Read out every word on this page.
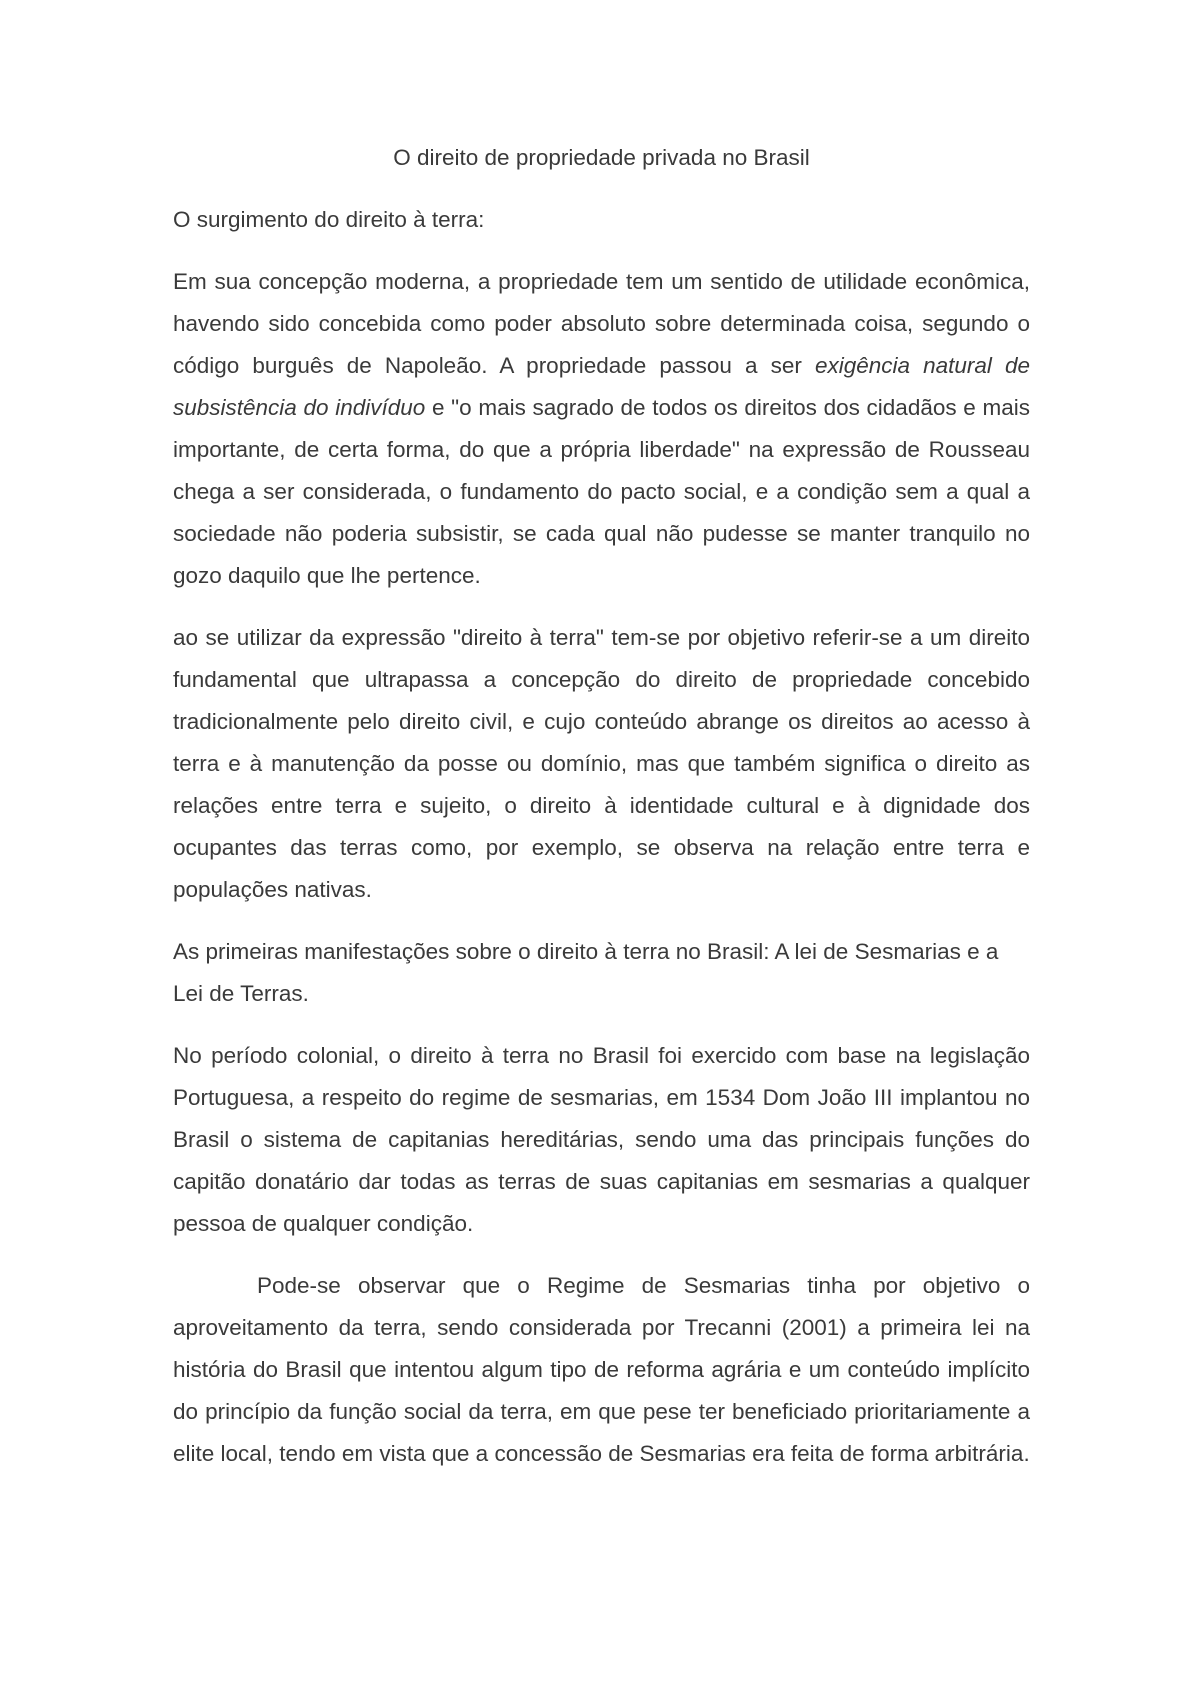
O direito de propriedade privada no Brasil

O surgimento do direito à terra:

Em sua concepção moderna, a propriedade tem um sentido de utilidade econômica, havendo sido concebida como poder absoluto sobre determinada coisa, segundo o código burguês de Napoleão. A propriedade passou a ser exigência natural de subsistência do indivíduo e "o mais sagrado de todos os direitos dos cidadãos e mais importante, de certa forma, do que a própria liberdade" na expressão de Rousseau chega a ser considerada, o fundamento do pacto social, e a condição sem a qual a sociedade não poderia subsistir, se cada qual não pudesse se manter tranquilo no gozo daquilo que lhe pertence.

ao se utilizar da expressão "direito à terra" tem-se por objetivo referir-se a um direito fundamental que ultrapassa a concepção do direito de propriedade concebido tradicionalmente pelo direito civil, e cujo conteúdo abrange os direitos ao acesso à terra e à manutenção da posse ou domínio, mas que também significa o direito as relações entre terra e sujeito, o direito à identidade cultural e à dignidade dos ocupantes das terras como, por exemplo, se observa na relação entre terra e populações nativas.

As primeiras manifestações sobre o direito à terra no Brasil: A lei de Sesmarias e a Lei de Terras.

No período colonial, o direito à terra no Brasil foi exercido com base na legislação Portuguesa, a respeito do regime de sesmarias, em 1534 Dom João III implantou no Brasil o sistema de capitanias hereditárias, sendo uma das principais funções do capitão donatário dar todas as terras de suas capitanias em sesmarias a qualquer pessoa de qualquer condição.

Pode-se observar que o Regime de Sesmarias tinha por objetivo o aproveitamento da terra, sendo considerada por Trecanni (2001) a primeira lei na história do Brasil que intentou algum tipo de reforma agrária e um conteúdo implícito do princípio da função social da terra, em que pese ter beneficiado prioritariamente a elite local, tendo em vista que a concessão de Sesmarias era feita de forma arbitrária.
